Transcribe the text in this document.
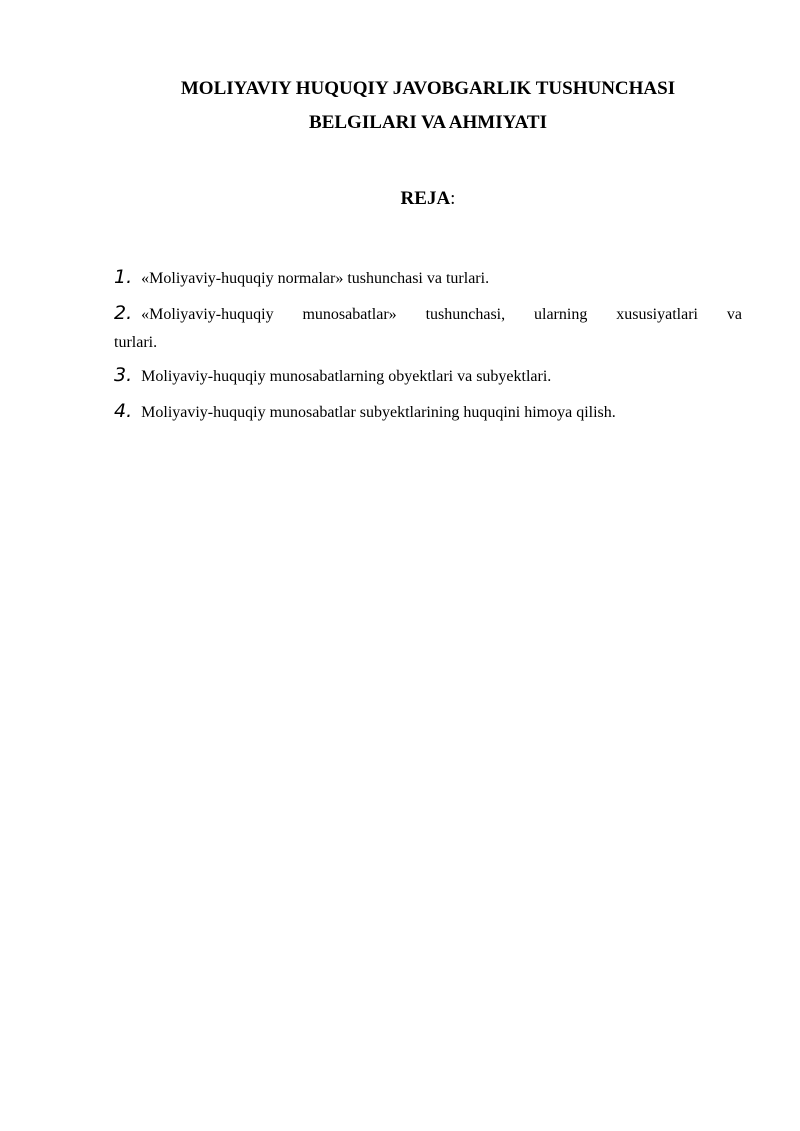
MOLIYAVIY HUQUQIY JAVOBGARLIK TUSHUNCHASI
BELGILARI VA AHMIYATI

REJA:

1. «Moliyaviy-huquqiy normalar» tushunchasi va turlari.
2. «Moliyaviy-huquqiy munosabatlar» tushunchasi, ularning xususiyatlari va
turlari.
3. Moliyaviy-huquqiy munosabatlarning obyektlari va subyektlari.
4. Moliyaviy-huquqiy munosabatlar subyektlarining huquqini himoya qilish.
